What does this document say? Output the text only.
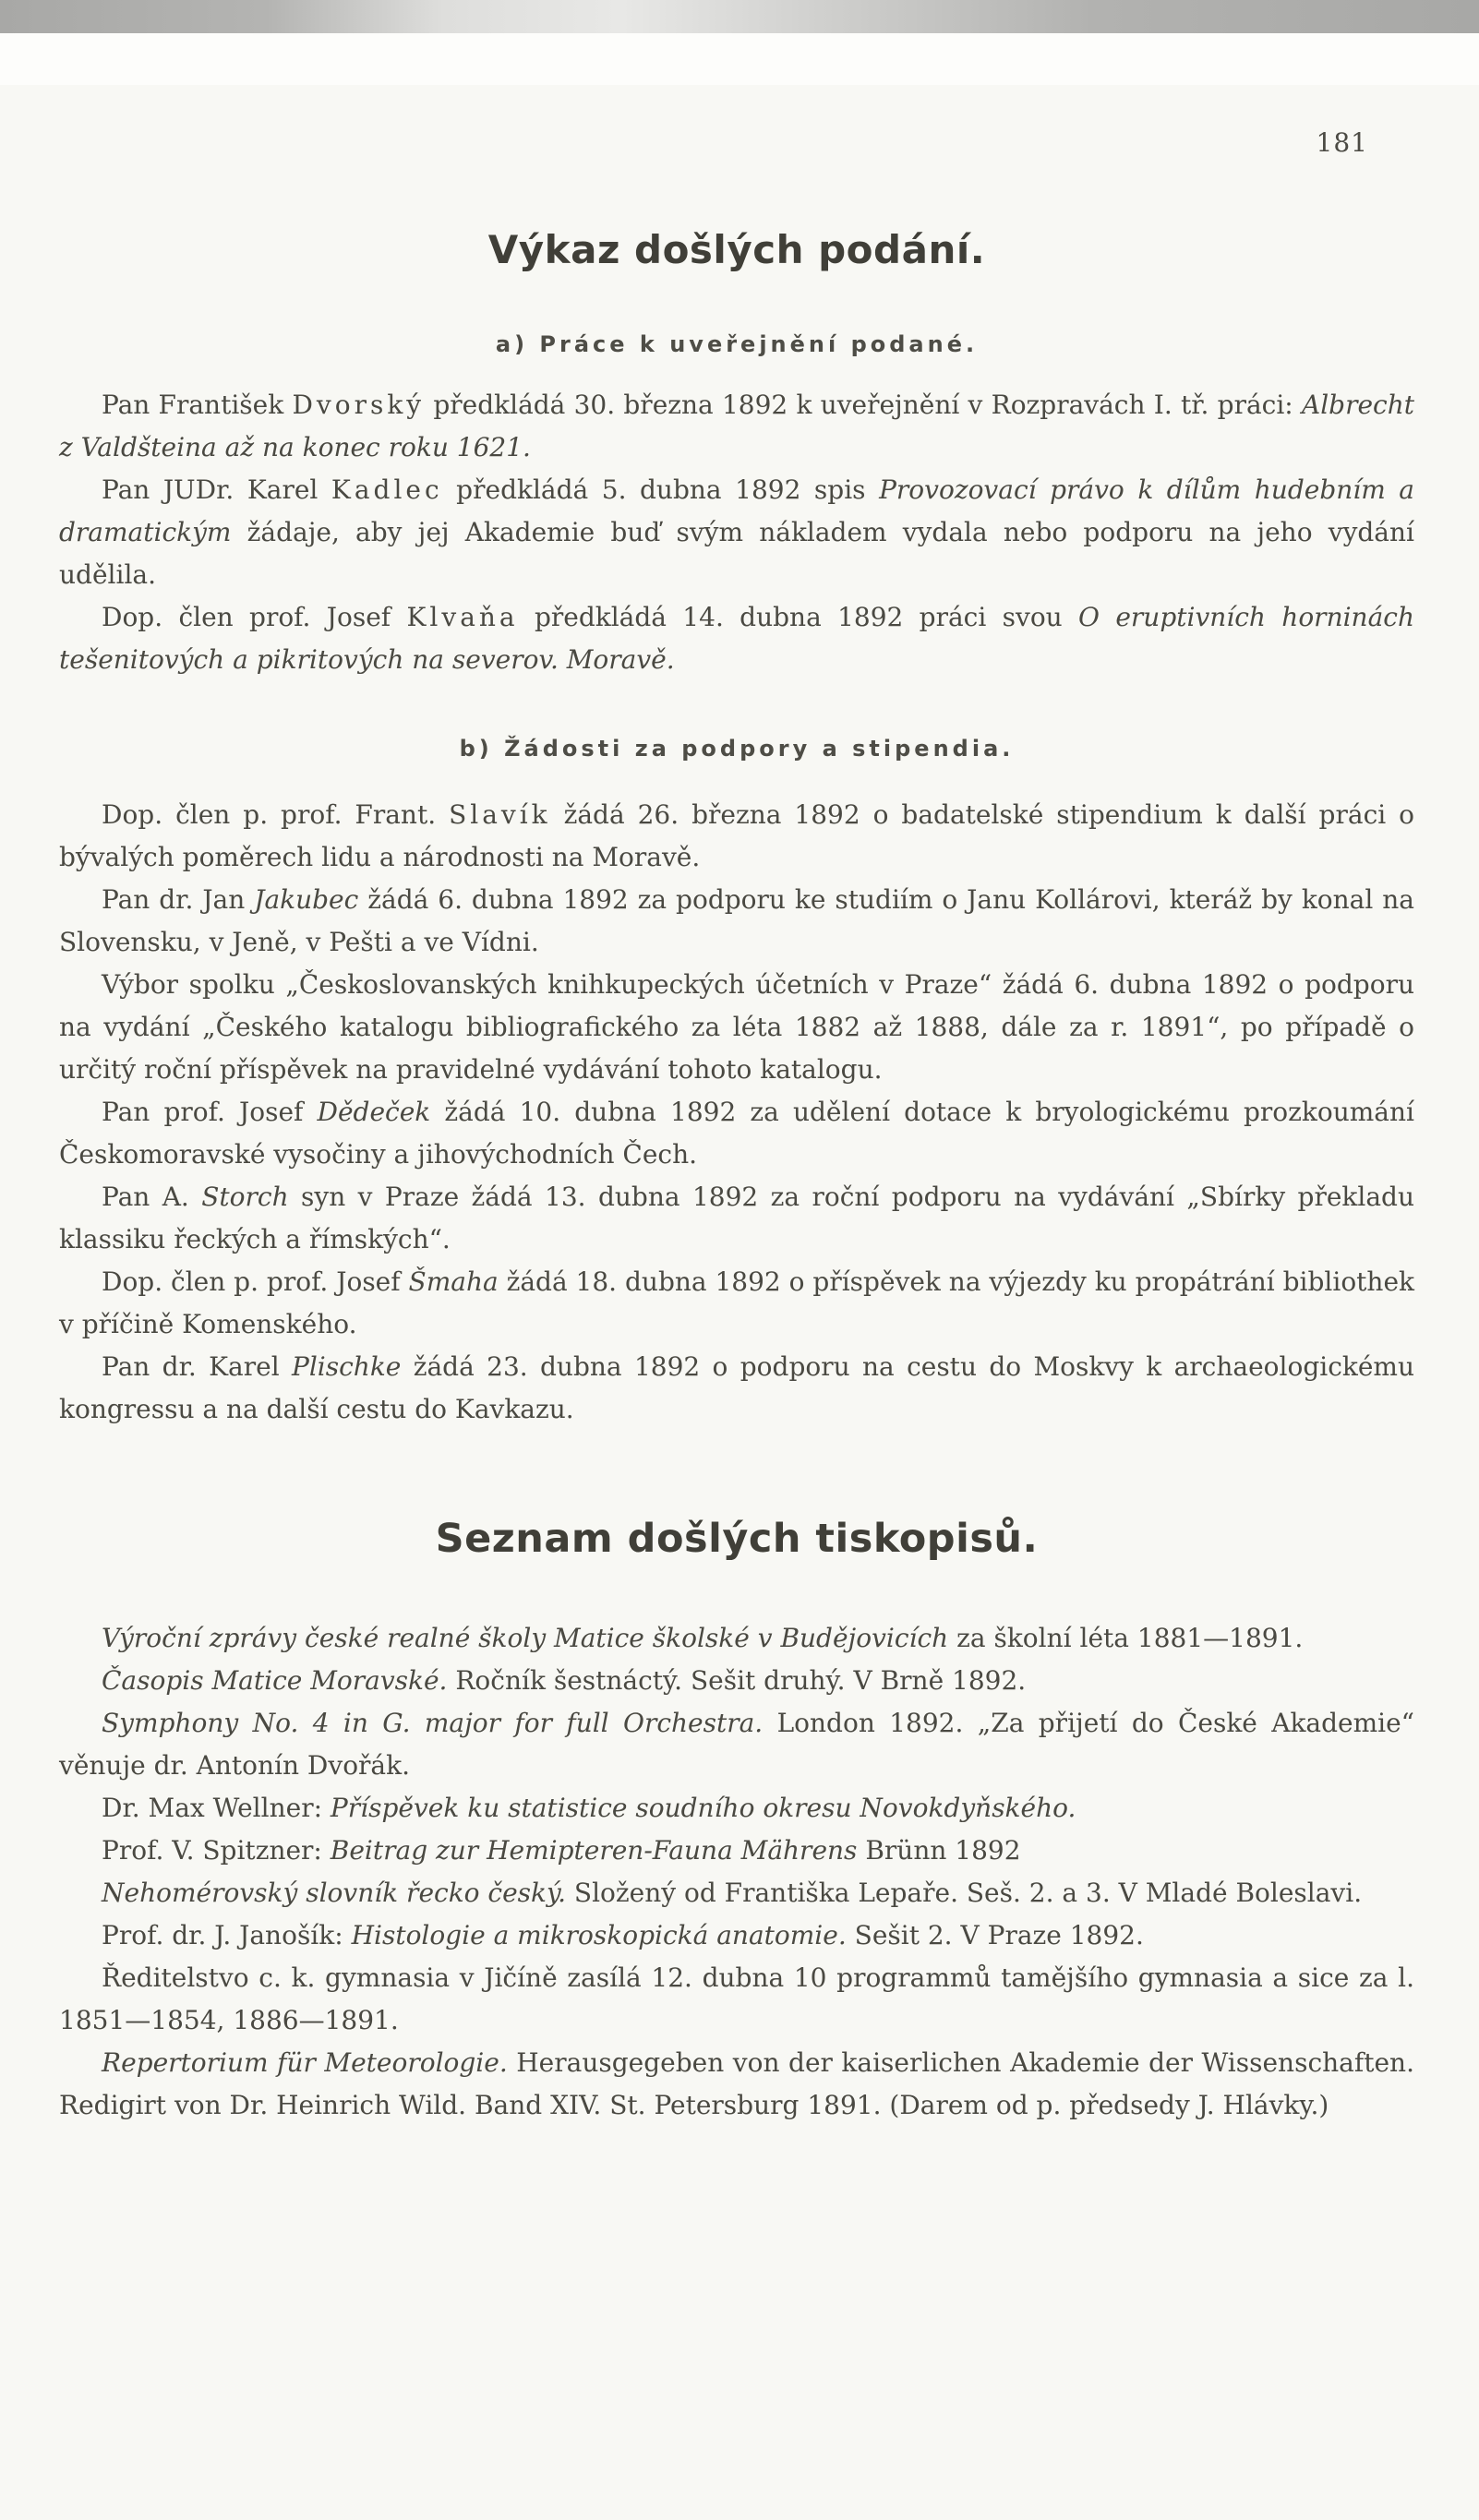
181
Výkaz došlých podání.
a) Práce k uveřejnění podané.

Pan František Dvorský předkládá 30. března 1892 k uveřejnění v Rozpravách I. tř. práci: Albrecht z Valdšteina až na konec roku 1621.

Pan JUDr. Karel Kadlec předkládá 5. dubna 1892 spis Provozovací právo k dílům hudebním a dramatickým žádaje, aby jej Akademie buď svým nákladem vydala nebo podporu na jeho vydání udělila.

Dop. člen prof. Josef Klvaňa předkládá 14. dubna 1892 práci svou O eruptivních horninách tešenitových a pikritových na severov. Moravě.

b) Žádosti za podpory a stipendia.

Dop. člen p. prof. Frant. Slavík žádá 26. března 1892 o badatelské stipendium k další práci o bývalých poměrech lidu a národnosti na Moravě.

Pan dr. Jan Jakubec žádá 6. dubna 1892 za podporu ke studiím o Janu Kollárovi, kteráž by konal na Slovensku, v Jeně, v Pešti a ve Vídni.

Výbor spolku „Českoslovanských knihkupeckých účetních v Praze“ žádá 6. dubna 1892 o podporu na vydání „Českého katalogu bibliografického za léta 1882 až 1888, dále za r. 1891“, po případě o určitý roční příspěvek na pravidelné vydávání tohoto katalogu.

Pan prof. Josef Dědeček žádá 10. dubna 1892 za udělení dotace k bryologickému prozkoumání Českomoravské vysočiny a jihovýchodních Čech.

Pan A. Storch syn v Praze žádá 13. dubna 1892 za roční podporu na vydávání „Sbírky překladu klassiku řeckých a římských“.

Dop. člen p. prof. Josef Šmaha žádá 18. dubna 1892 o příspěvek na výjezdy ku propátrání bibliothek v příčině Komenského.

Pan dr. Karel Plischke žádá 23. dubna 1892 o podporu na cestu do Moskvy k archaeologickému kongressu a na další cestu do Kavkazu.

Seznam došlých tiskopisů.

Výroční zprávy české realné školy Matice školské v Budějovicích za školní léta 1881—1891.

Časopis Matice Moravské. Ročník šestnáctý. Sešit druhý. V Brně 1892.

Symphony No. 4 in G. major for full Orchestra. London 1892. „Za přijetí do České Akademie“ věnuje dr. Antonín Dvořák.

Dr. Max Wellner: Příspěvek ku statistice soudního okresu Novokdyňského.

Prof. V. Spitzner: Beitrag zur Hemipteren-Fauna Mährens Brünn 1892

Nehomérovský slovník řecko český. Složený od Františka Lepaře. Seš. 2. a 3. V Mladé Boleslavi.

Prof. dr. J. Janošík: Histologie a mikroskopická anatomie. Sešit 2. V Praze 1892.

Ředitelstvo c. k. gymnasia v Jičíně zasílá 12. dubna 10 programmů tamějšího gymnasia a sice za l. 1851—1854, 1886—1891.

Repertorium für Meteorologie. Herausgegeben von der kaiserlichen Akademie der Wissenschaften. Redigirt von Dr. Heinrich Wild. Band XIV. St. Petersburg 1891. (Darem od p. předsedy J. Hlávky.)
